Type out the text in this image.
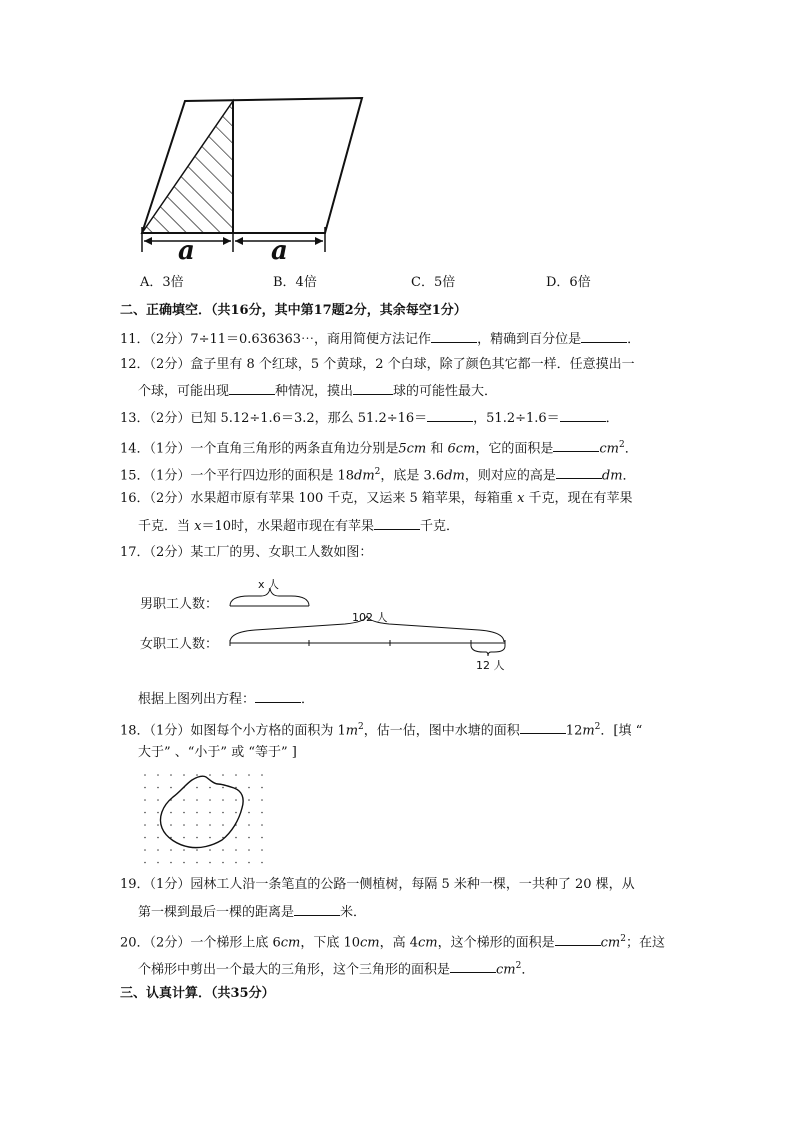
a	a
A．3倍	B．4倍	C．5倍	D．6倍
二、正确填空．（共16分，其中第17题2分，其余每空1分）
11．（2分）7÷11＝0.636363⋯，商用简便方法记作	，精确到百分位是	．
12．（2分）盒子里有 8 个红球，5 个黄球，2 个白球，除了颜色其它都一样．任意摸出一
个球，可能出现	种情况，摸出	球的可能性最大．
13．（2分）已知 5.12÷1.6＝3.2，那么 51.2÷16＝	，51.2÷1.6＝	．
14．（1分）一个直角三角形的两条直角边分别是5cm 和 6cm，它的面积是	$cm^2$．
15．（1分）一个平行四边形的面积是 $18dm^2$，底是 3.6dm，则对应的高是	dm．
16．（2分）水果超市原有苹果 100 千克，又运来 5 箱苹果，每箱重 x 千克，现在有苹果
千克．当 x＝10时，水果超市现在有苹果	千克．
17．（2分）某工厂的男、女职工人数如图：
男职工人数：
女职工人数：
x 人
102 人
12 人
根据上图列出方程：	．
18．（1分）如图每个小方格的面积为 $1m^2$，估一估，图中水塘的面积	$12m^2$．[填 “
大于” 、“小于” 或 “等于” ]
19．（1分）园林工人沿一条笔直的公路一侧植树，每隔 5 米种一棵，一共种了 20 棵，从
第一棵到最后一棵的距离是	米．
20．（2分）一个梯形上底 6cm，下底 10cm，高 4cm，这个梯形的面积是	$cm^2$；在这
个梯形中剪出一个最大的三角形，这个三角形的面积是	$cm^2$．
三、认真计算．（共35分）
